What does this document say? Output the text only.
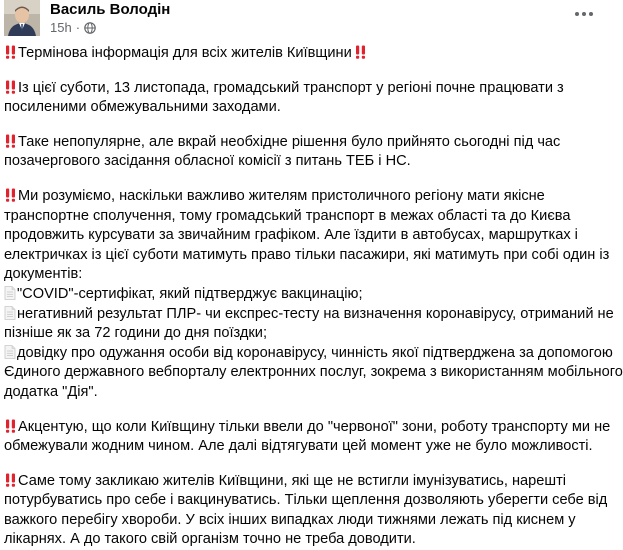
Василь Володін
15h ·

Термінова інформація для всіх жителів Київщини

Із цієї суботи, 13 листопада, громадський транспорт у регіоні почне працювати з
посиленими обмежувальними заходами.

Таке непопулярне, але вкрай необхідне рішення було прийнято сьогодні під час
позачергового засідання обласної комісії з питань ТЕБ і НС.

Ми розуміємо, наскільки важливо жителям пристоличного регіону мати якісне
транспортне сполучення, тому громадський транспорт в межах області та до Києва
продовжить курсувати за звичайним графіком. Але їздити в автобусах, маршрутках і
електричках із цієї суботи матимуть право тільки пасажири, які матимуть при собі один із
документів:
"COVID"-сертифікат, який підтверджує вакцинацію;
негативний результат ПЛР- чи експрес-тесту на визначення коронавірусу, отриманий не
пізніше як за 72 години до дня поїздки;
довідку про одужання особи від коронавірусу, чинність якої підтверджена за допомогою
Єдиного державного вебпорталу електронних послуг, зокрема з використанням мобільного
додатка "Дія".

Акцентую, що коли Київщину тільки ввели до "червоної" зони, роботу транспорту ми не
обмежували жодним чином. Але далі відтягувати цей момент уже не було можливості.

Саме тому закликаю жителів Київщини, які ще не встигли імунізуватись, нарешті
потурбуватись про себе і вакцинуватись. Тільки щеплення дозволяють уберегти себе від
важкого перебігу хвороби. У всіх інших випадках люди тижнями лежать під киснем у
лікарнях. А до такого свій організм точно не треба доводити.
